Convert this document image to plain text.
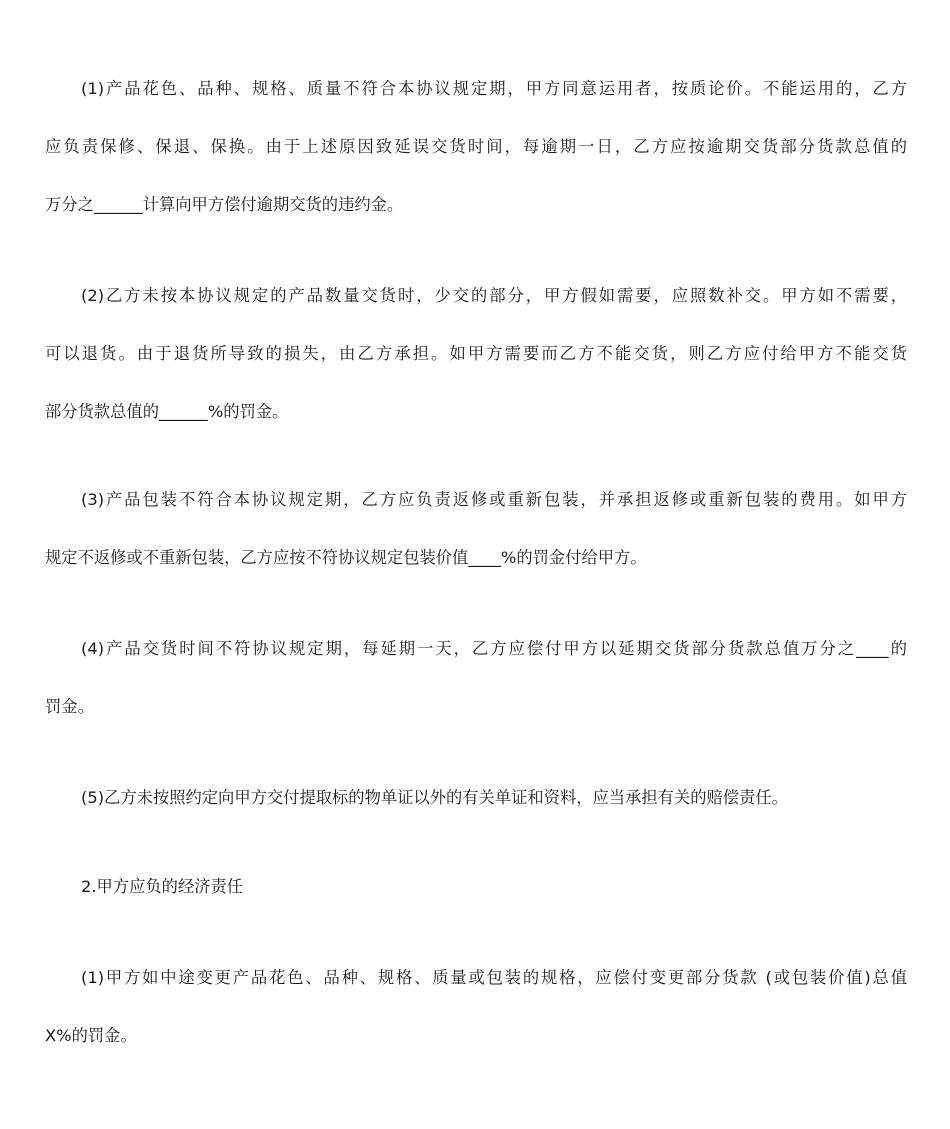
(1)产品花色、品种、规格、质量不符合本协议规定期，甲方同意运用者，按质论价。不能运用的，乙方
应负责保修、保退、保换。由于上述原因致延误交货时间，每逾期一日，乙方应按逾期交货部分货款总值的
万分之______计算向甲方偿付逾期交货的违约金。
(2)乙方未按本协议规定的产品数量交货时，少交的部分，甲方假如需要，应照数补交。甲方如不需要，
可以退货。由于退货所导致的损失，由乙方承担。如甲方需要而乙方不能交货，则乙方应付给甲方不能交货
部分货款总值的______%的罚金。
(3)产品包装不符合本协议规定期，乙方应负责返修或重新包装，并承担返修或重新包装的费用。如甲方
规定不返修或不重新包装，乙方应按不符协议规定包装价值____%的罚金付给甲方。
(4)产品交货时间不符协议规定期，每延期一天，乙方应偿付甲方以延期交货部分货款总值万分之____的
罚金。
(5)乙方未按照约定向甲方交付提取标的物单证以外的有关单证和资料，应当承担有关的赔偿责任。
2.甲方应负的经济责任
(1)甲方如中途变更产品花色、品种、规格、质量或包装的规格，应偿付变更部分货款 (或包装价值)总值
X%的罚金。
